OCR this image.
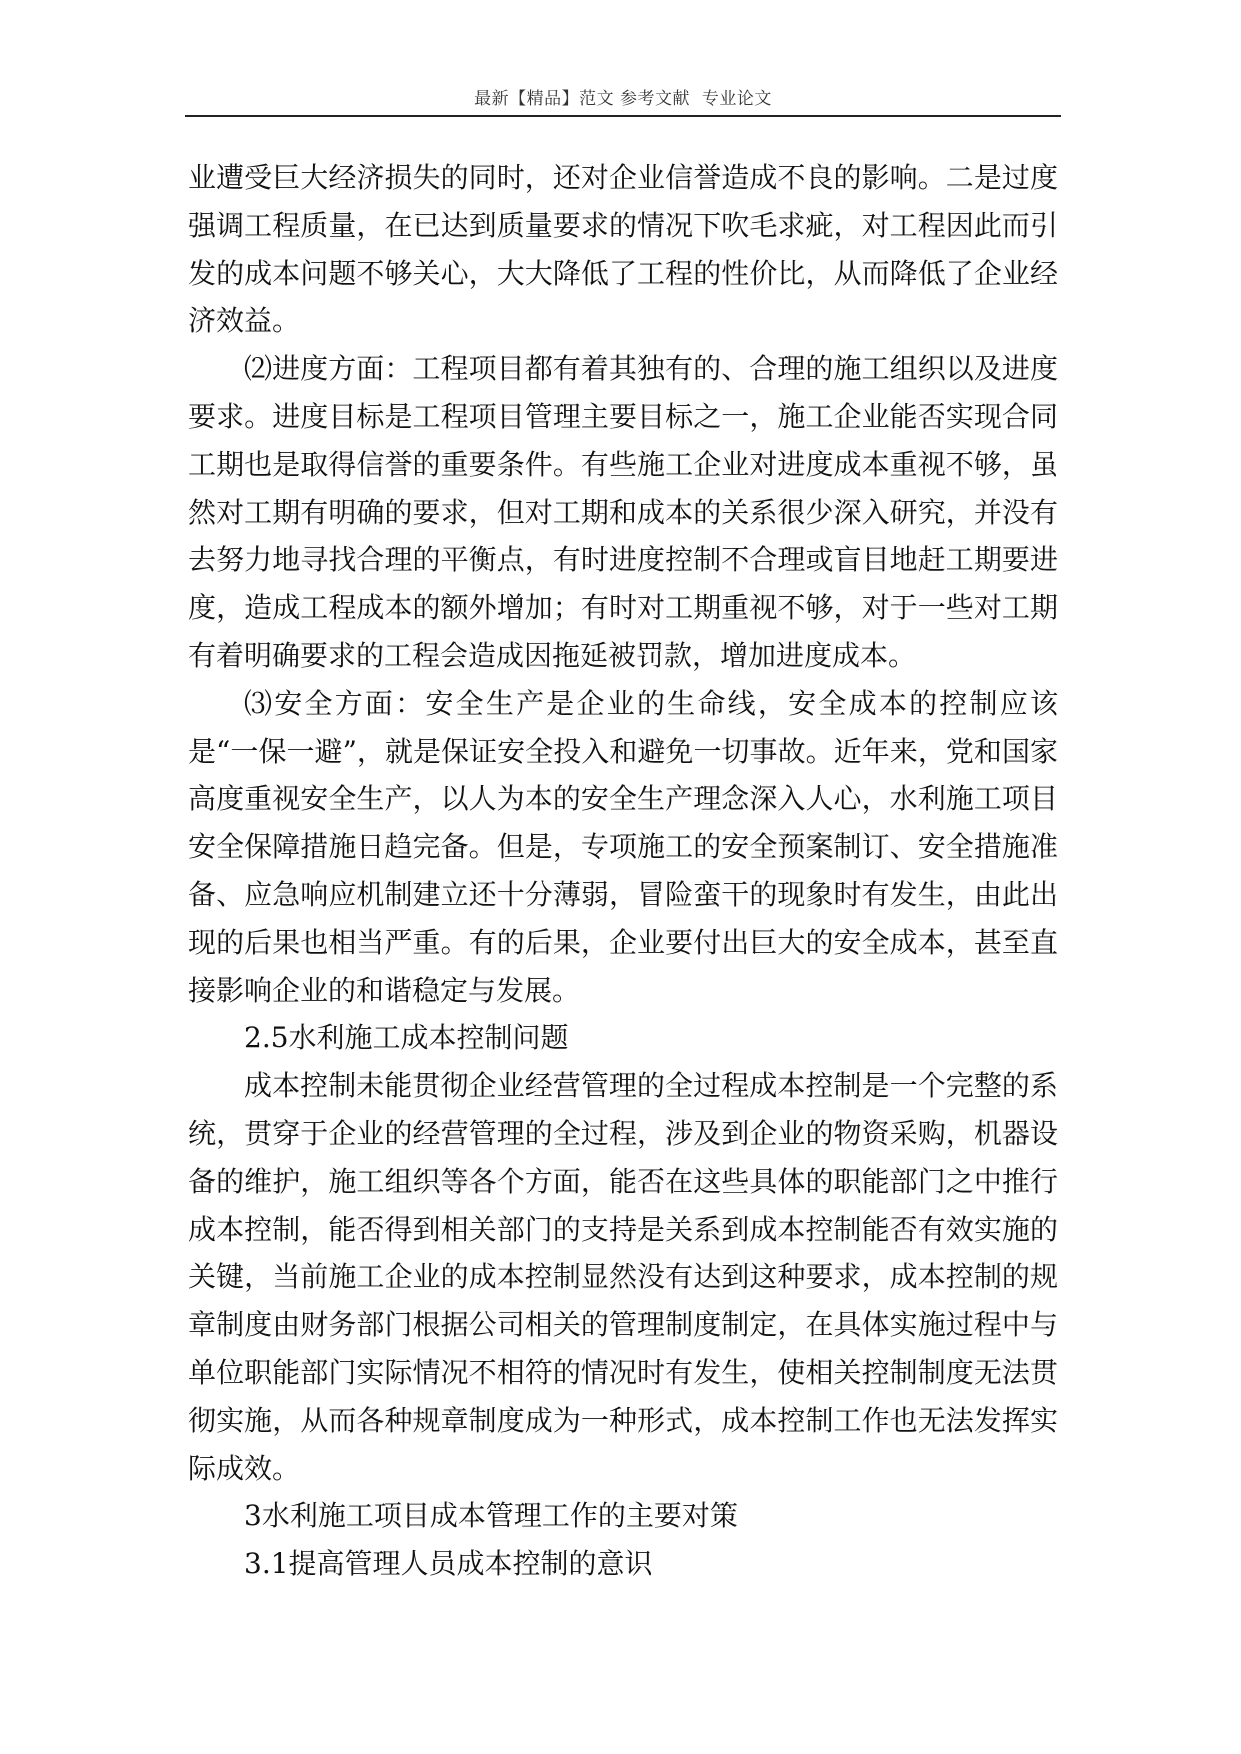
最新【精品】范文 参考文献  专业论文

业遭受巨大经济损失的同时，还对企业信誉造成不良的影响。二是过度强调工程质量，在已达到质量要求的情况下吹毛求疵，对工程因此而引发的成本问题不够关心，大大降低了工程的性价比，从而降低了企业经济效益。

⑵进度方面：工程项目都有着其独有的、合理的施工组织以及进度要求。进度目标是工程项目管理主要目标之一，施工企业能否实现合同工期也是取得信誉的重要条件。有些施工企业对进度成本重视不够，虽然对工期有明确的要求，但对工期和成本的关系很少深入研究，并没有去努力地寻找合理的平衡点，有时进度控制不合理或盲目地赶工期要进度，造成工程成本的额外增加；有时对工期重视不够，对于一些对工期有着明确要求的工程会造成因拖延被罚款，增加进度成本。

⑶安全方面：安全生产是企业的生命线，安全成本的控制应该是“一保一避”，就是保证安全投入和避免一切事故。近年来，党和国家高度重视安全生产，以人为本的安全生产理念深入人心，水利施工项目安全保障措施日趋完备。但是，专项施工的安全预案制订、安全措施准备、应急响应机制建立还十分薄弱，冒险蛮干的现象时有发生，由此出现的后果也相当严重。有的后果，企业要付出巨大的安全成本，甚至直接影响企业的和谐稳定与发展。

2.5水利施工成本控制问题

成本控制未能贯彻企业经营管理的全过程成本控制是一个完整的系统，贯穿于企业的经营管理的全过程，涉及到企业的物资采购，机器设备的维护，施工组织等各个方面，能否在这些具体的职能部门之中推行成本控制，能否得到相关部门的支持是关系到成本控制能否有效实施的关键，当前施工企业的成本控制显然没有达到这种要求，成本控制的规章制度由财务部门根据公司相关的管理制度制定，在具体实施过程中与单位职能部门实际情况不相符的情况时有发生，使相关控制制度无法贯彻实施，从而各种规章制度成为一种形式，成本控制工作也无法发挥实际成效。

3水利施工项目成本管理工作的主要对策

3.1提高管理人员成本控制的意识
